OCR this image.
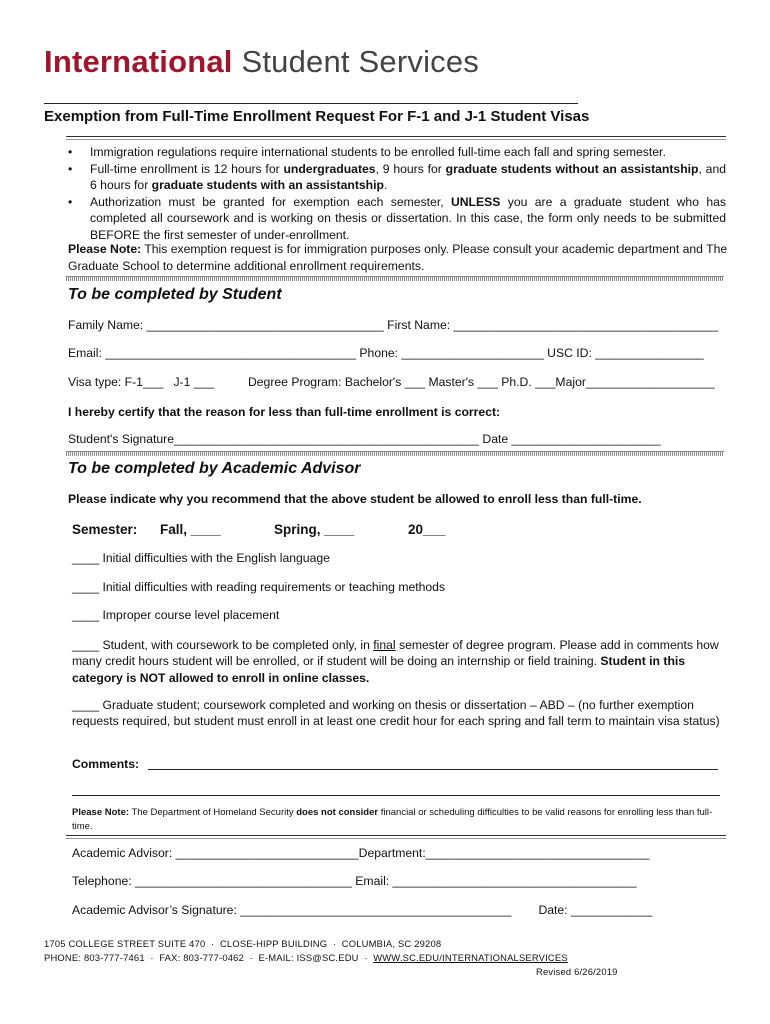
International Student Services
Exemption from Full-Time Enrollment Request For F-1 and J-1 Student Visas
• Immigration regulations require international students to be enrolled full-time each fall and spring semester.
• Full-time enrollment is 12 hours for undergraduates, 9 hours for graduate students without an assistantship, and 6 hours for graduate students with an assistantship.
• Authorization must be granted for exemption each semester, UNLESS you are a graduate student who has completed all coursework and is working on thesis or dissertation. In this case, the form only needs to be submitted BEFORE the first semester of under-enrollment.
Please Note: This exemption request is for immigration purposes only. Please consult your academic department and The Graduate School to determine additional enrollment requirements.
To be completed by Student
Family Name: ___________________________________ First Name: _______________________________________
Email: _____________________________________ Phone: _____________________ USC ID: ________________
Visa type: F-1___   J-1 ___          Degree Program: Bachelor's ___ Master's ___ Ph.D. ___Major___________________
I hereby certify that the reason for less than full-time enrollment is correct:
Student's Signature_____________________________________________ Date ______________________
To be completed by Academic Advisor
Please indicate why you recommend that the above student be allowed to enroll less than full-time.
Semester: Fall, ____	Spring, ____	20___
____ Initial difficulties with the English language
____ Initial difficulties with reading requirements or teaching methods
____ Improper course level placement
____ Student, with coursework to be completed only, in final semester of degree program. Please add in comments how many credit hours student will be enrolled, or if student will be doing an internship or field training. Student in this category is NOT allowed to enroll in online classes.
____ Graduate student; coursework completed and working on thesis or dissertation – ABD – (no further exemption requests required, but student must enroll in at least one credit hour for each spring and fall term to maintain visa status)
Comments:
Please Note: The Department of Homeland Security does not consider financial or scheduling difficulties to be valid reasons for enrolling less than full-time.
Academic Advisor: ___________________________Department:_________________________________
Telephone: ________________________________ Email: ____________________________________
Academic Advisor’s Signature: ________________________________________        Date: ____________
1705 COLLEGE STREET SUITE 470  ·  CLOSE-HIPP BUILDING  ·  COLUMBIA, SC 29208
PHONE: 803-777-7461  ·  FAX: 803-777-0462  ·  E-MAIL: ISS@SC.EDU  ·  WWW.SC.EDU/INTERNATIONALSERVICES
Revised 6/26/2019
